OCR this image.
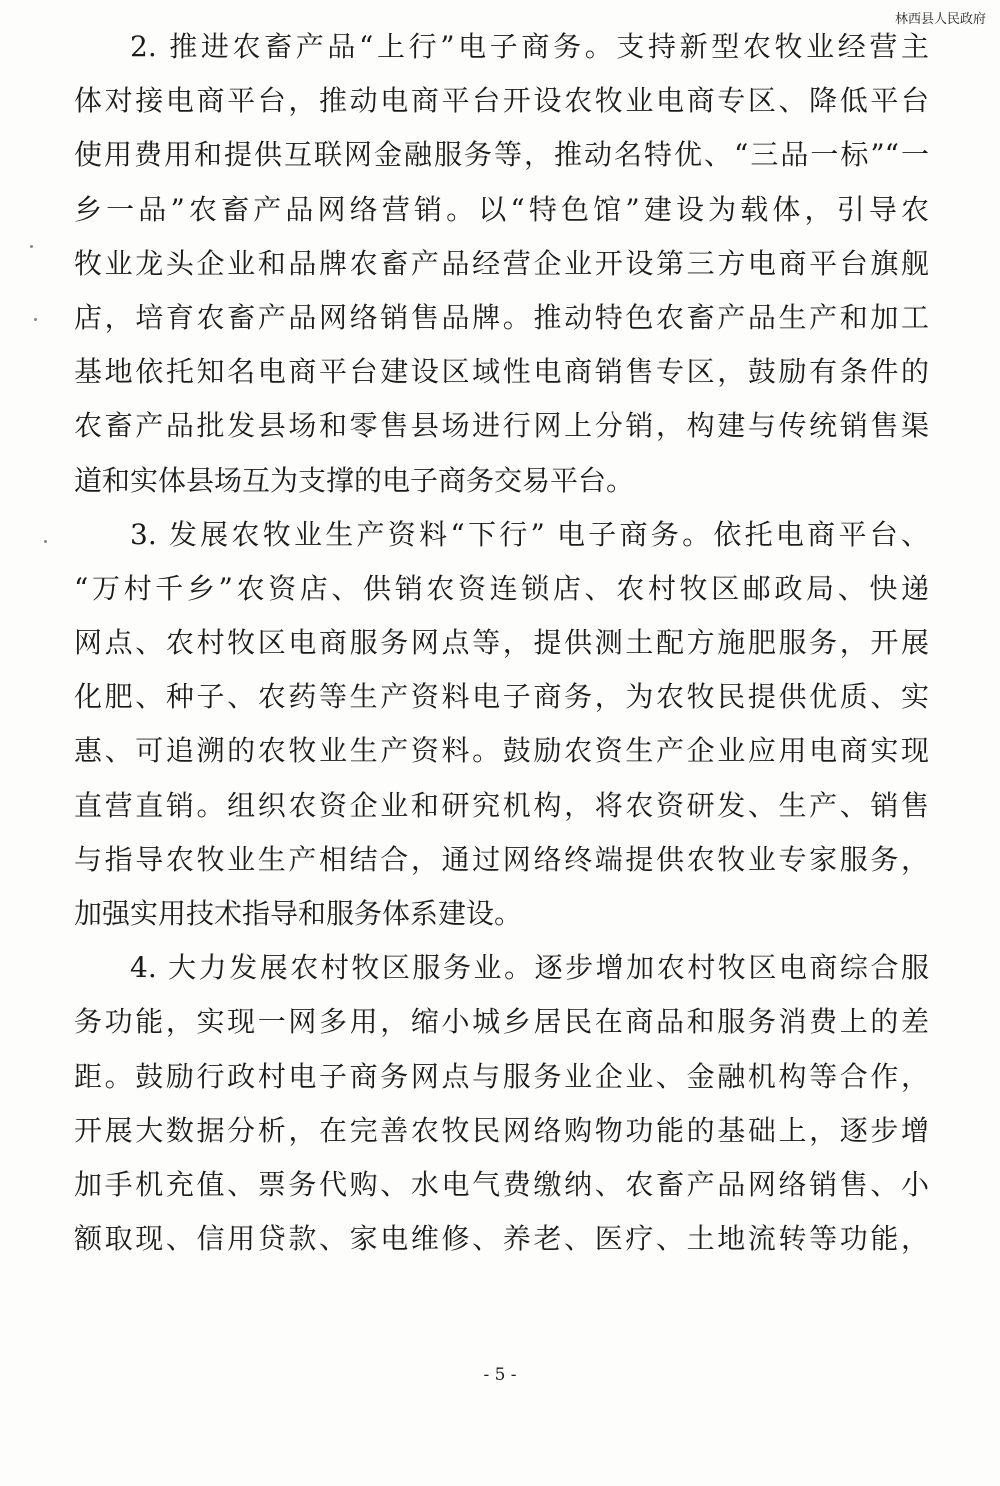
林西县人民政府
2. 推进农畜产品“上行”电子商务。支持新型农牧业经营主
体对接电商平台，推动电商平台开设农牧业电商专区、降低平台
使用费用和提供互联网金融服务等，推动名特优、“三品一标”“一
乡一品”农畜产品网络营销。以“特色馆”建设为载体，引导农
牧业龙头企业和品牌农畜产品经营企业开设第三方电商平台旗舰
店，培育农畜产品网络销售品牌。推动特色农畜产品生产和加工
基地依托知名电商平台建设区域性电商销售专区，鼓励有条件的
农畜产品批发县场和零售县场进行网上分销，构建与传统销售渠
道和实体县场互为支撑的电子商务交易平台。
3. 发展农牧业生产资料“下行” 电子商务。依托电商平台、
“万村千乡”农资店、供销农资连锁店、农村牧区邮政局、快递
网点、农村牧区电商服务网点等，提供测土配方施肥服务，开展
化肥、种子、农药等生产资料电子商务，为农牧民提供优质、实
惠、可追溯的农牧业生产资料。鼓励农资生产企业应用电商实现
直营直销。组织农资企业和研究机构，将农资研发、生产、销售
与指导农牧业生产相结合，通过网络终端提供农牧业专家服务，
加强实用技术指导和服务体系建设。
4. 大力发展农村牧区服务业。逐步增加农村牧区电商综合服
务功能，实现一网多用，缩小城乡居民在商品和服务消费上的差
距。鼓励行政村电子商务网点与服务业企业、金融机构等合作，
开展大数据分析，在完善农牧民网络购物功能的基础上，逐步增
加手机充值、票务代购、水电气费缴纳、农畜产品网络销售、小
额取现、信用贷款、家电维修、养老、医疗、土地流转等功能，
- 5 -
